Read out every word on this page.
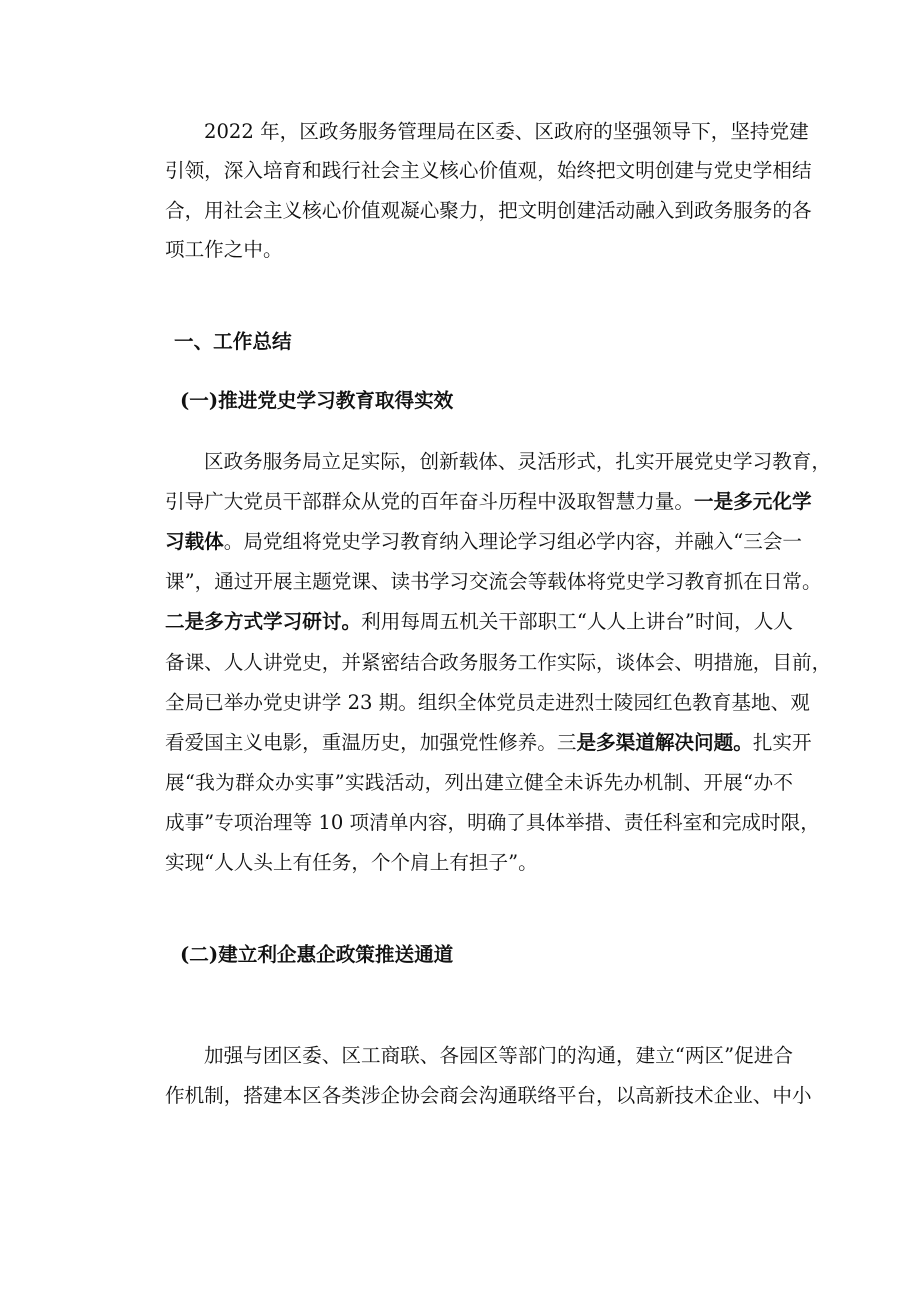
2022 年，区政务服务管理局在区委、区政府的坚强领导下，坚持党建
引领，深入培育和践行社会主义核心价值观，始终把文明创建与党史学相结
合，用社会主义核心价值观凝心聚力，把文明创建活动融入到政务服务的各
项工作之中。
一、工作总结
(一)推进党史学习教育取得实效
区政务服务局立足实际，创新载体、灵活形式，扎实开展党史学习教育，
引导广大党员干部群众从党的百年奋斗历程中汲取智慧力量。一是多元化学
习载体。局党组将党史学习教育纳入理论学习组必学内容，并融入“三会一
课”，通过开展主题党课、读书学习交流会等载体将党史学习教育抓在日常。
二是多方式学习研讨。利用每周五机关干部职工“人人上讲台”时间，人人
备课、人人讲党史，并紧密结合政务服务工作实际，谈体会、明措施，目前，
全局已举办党史讲学 23 期。组织全体党员走进烈士陵园红色教育基地、观
看爱国主义电影，重温历史，加强党性修养。三是多渠道解决问题。扎实开
展“我为群众办实事”实践活动，列出建立健全未诉先办机制、开展“办不
成事”专项治理等 10 项清单内容，明确了具体举措、责任科室和完成时限，
实现“人人头上有任务，个个肩上有担子”。
(二)建立利企惠企政策推送通道
加强与团区委、区工商联、各园区等部门的沟通，建立“两区”促进合
作机制，搭建本区各类涉企协会商会沟通联络平台，以高新技术企业、中小
